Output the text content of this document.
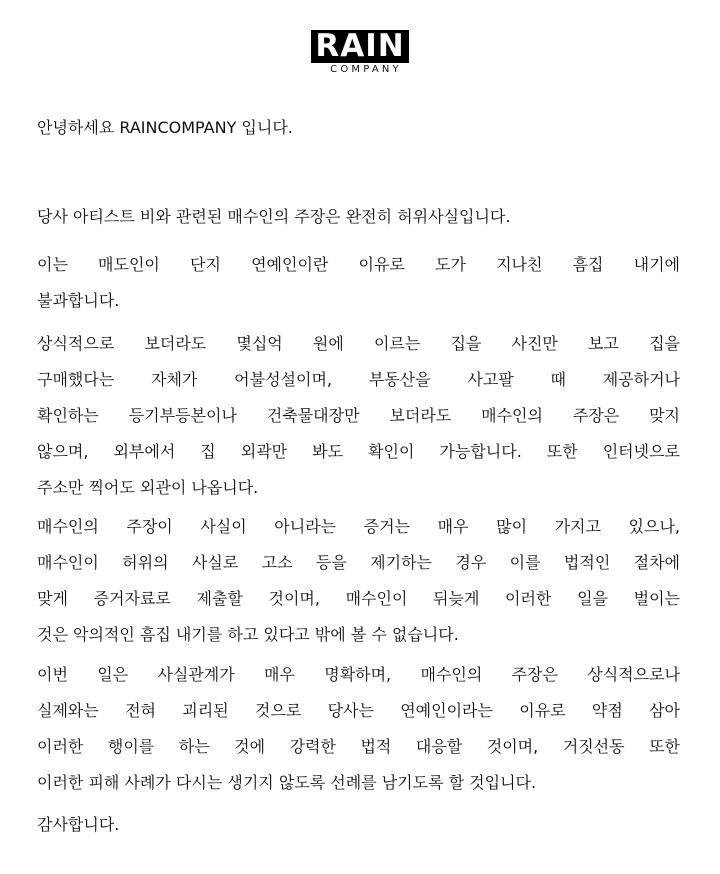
RAIN
COMPANY
안녕하세요 RAINCOMPANY 입니다.
당사 아티스트 비와 관련된 매수인의 주장은 완전히 허위사실입니다.
이는 매도인이 단지 연예인이란 이유로 도가 지나친 흠집 내기에
불과합니다.
상식적으로 보더라도 몇십억 원에 이르는 집을 사진만 보고 집을
구매했다는 자체가 어불성설이며, 부동산을 사고팔 때 제공하거나
확인하는 등기부등본이나 건축물대장만 보더라도 매수인의 주장은 맞지
않으며, 외부에서 집 외곽만 봐도 확인이 가능합니다. 또한 인터넷으로
주소만 찍어도 외관이 나옵니다.
매수인의 주장이 사실이 아니라는 증거는 매우 많이 가지고 있으나,
매수인이 허위의 사실로 고소 등을 제기하는 경우 이를 법적인 절차에
맞게 증거자료로 제출할 것이며, 매수인이 뒤늦게 이러한 일을 벌이는
것은 악의적인 흠집 내기를 하고 있다고 밖에 볼 수 없습니다.
이번 일은 사실관계가 매우 명확하며, 매수인의 주장은 상식적으로나
실제와는 전혀 괴리된 것으로 당사는 연예인이라는 이유로 약점 삼아
이러한 행이를 하는 것에 강력한 법적 대응할 것이며, 거짓선동 또한
이러한 피해 사례가 다시는 생기지 않도록 선례를 남기도록 할 것입니다.
감사합니다.
